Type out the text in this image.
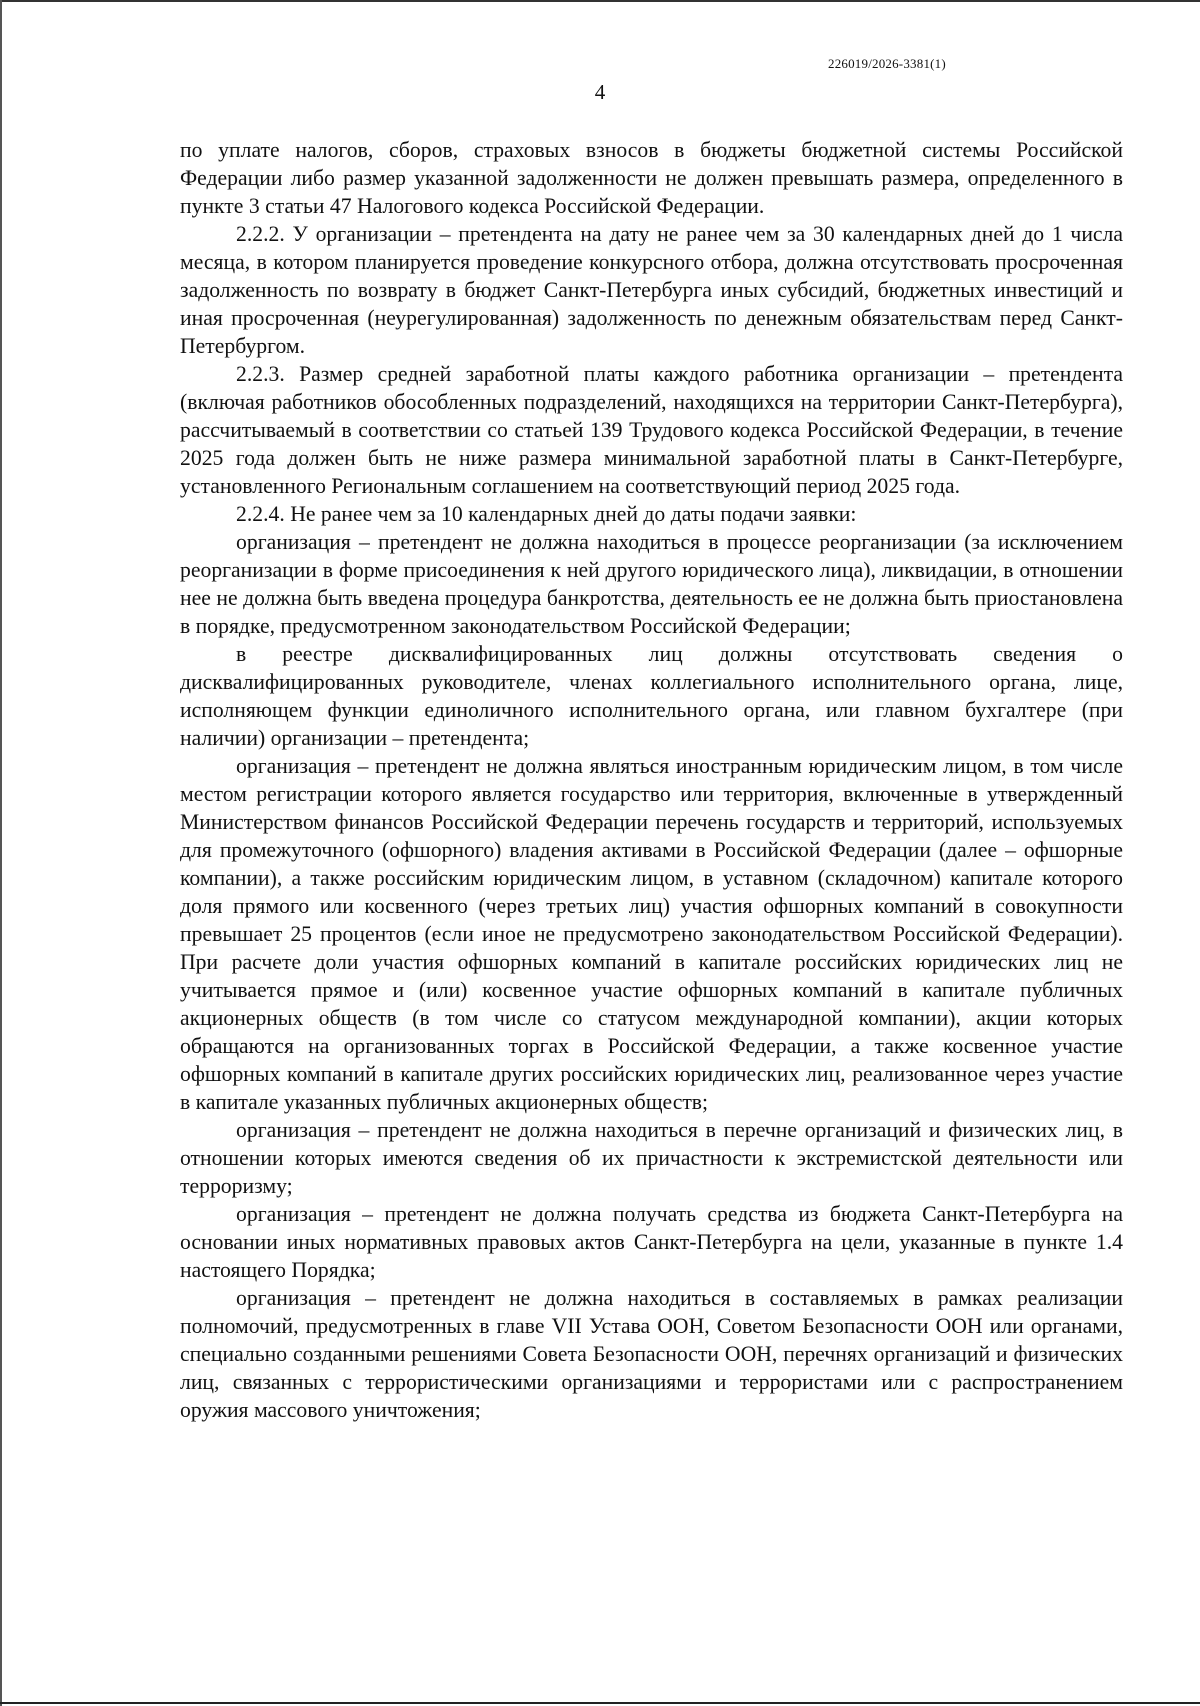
226019/2026-3381(1)
4

по уплате налогов, сборов, страховых взносов в бюджеты бюджетной системы Российской Федерации либо размер указанной задолженности не должен превышать размера, определенного в пункте 3 статьи 47 Налогового кодекса Российской Федерации.

2.2.2. У организации – претендента на дату не ранее чем за 30 календарных дней до 1 числа месяца, в котором планируется проведение конкурсного отбора, должна отсутствовать просроченная задолженность по возврату в бюджет Санкт-Петербурга иных субсидий, бюджетных инвестиций и иная просроченная (неурегулированная) задолженность по денежным обязательствам перед Санкт-Петербургом.

2.2.3. Размер средней заработной платы каждого работника организации – претендента (включая работников обособленных подразделений, находящихся на территории Санкт-Петербурга), рассчитываемый в соответствии со статьей 139 Трудового кодекса Российской Федерации, в течение 2025 года должен быть не ниже размера минимальной заработной платы в Санкт-Петербурге, установленного Региональным соглашением на соответствующий период 2025 года.

2.2.4. Не ранее чем за 10 календарных дней до даты подачи заявки:

организация – претендент не должна находиться в процессе реорганизации (за исключением реорганизации в форме присоединения к ней другого юридического лица), ликвидации, в отношении нее не должна быть введена процедура банкротства, деятельность ее не должна быть приостановлена в порядке, предусмотренном законодательством Российской Федерации;

в реестре дисквалифицированных лиц должны отсутствовать сведения о дисквалифицированных руководителе, членах коллегиального исполнительного органа, лице, исполняющем функции единоличного исполнительного органа, или главном бухгалтере (при наличии) организации – претендента;

организация – претендент не должна являться иностранным юридическим лицом, в том числе местом регистрации которого является государство или территория, включенные в утвержденный Министерством финансов Российской Федерации перечень государств и территорий, используемых для промежуточного (офшорного) владения активами в Российской Федерации (далее – офшорные компании), а также российским юридическим лицом, в уставном (складочном) капитале которого доля прямого или косвенного (через третьих лиц) участия офшорных компаний в совокупности превышает 25 процентов (если иное не предусмотрено законодательством Российской Федерации). При расчете доли участия офшорных компаний в капитале российских юридических лиц не учитывается прямое и (или) косвенное участие офшорных компаний в капитале публичных акционерных обществ (в том числе со статусом международной компании), акции которых обращаются на организованных торгах в Российской Федерации, а также косвенное участие офшорных компаний в капитале других российских юридических лиц, реализованное через участие в капитале указанных публичных акционерных обществ;

организация – претендент не должна находиться в перечне организаций и физических лиц, в отношении которых имеются сведения об их причастности к экстремистской деятельности или терроризму;

организация – претендент не должна получать средства из бюджета Санкт-Петербурга на основании иных нормативных правовых актов Санкт-Петербурга на цели, указанные в пункте 1.4 настоящего Порядка;

организация – претендент не должна находиться в составляемых в рамках реализации полномочий, предусмотренных в главе VII Устава ООН, Советом Безопасности ООН или органами, специально созданными решениями Совета Безопасности ООН, перечнях организаций и физических лиц, связанных с террористическими организациями и террористами или с распространением оружия массового уничтожения;
